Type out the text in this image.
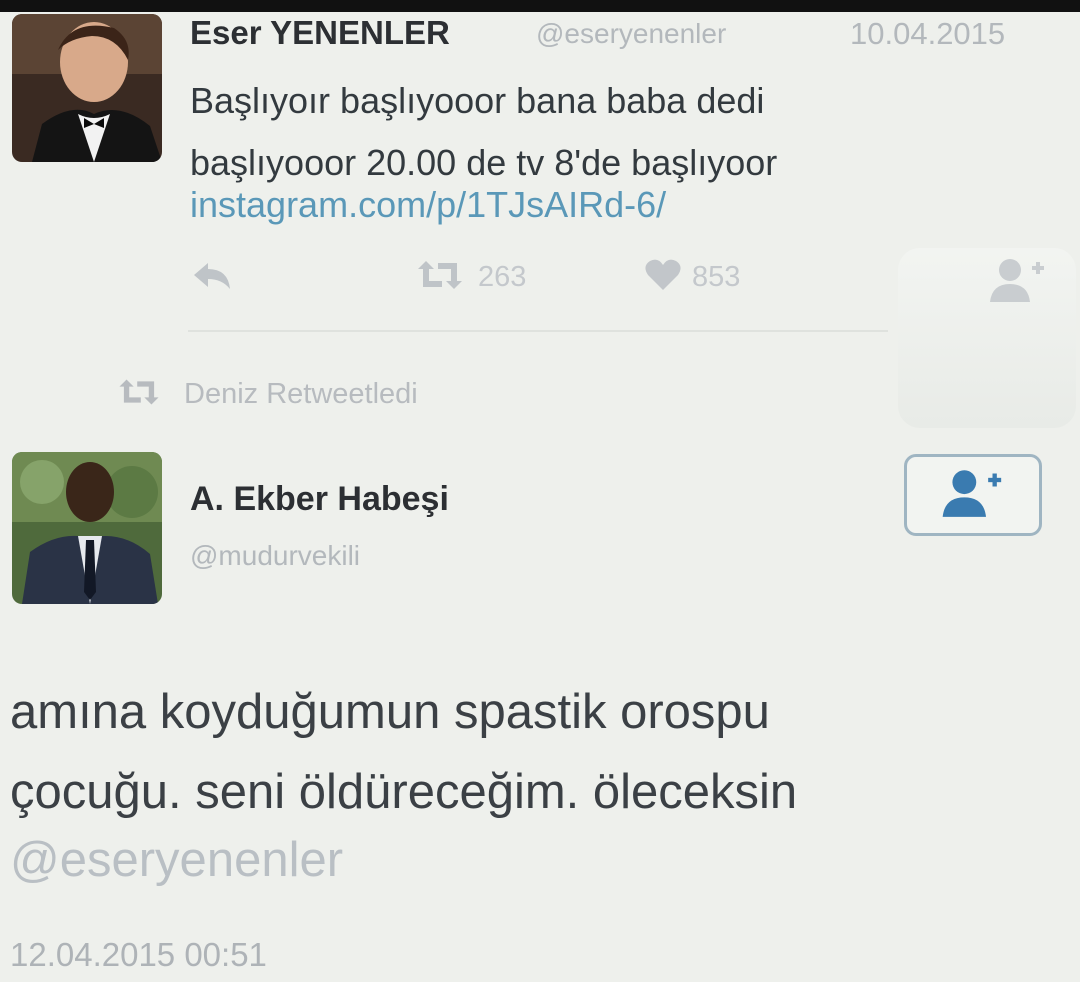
Eser YENENLER	@eseryenenler	10.04.2015
Başlıyoır başlıyooor bana baba dedi
başlıyooor 20.00 de tv 8'de başlıyoor
instagram.com/p/1TJsAIRd-6/
263	853
Deniz Retweetledi
A. Ekber Habeşi
@mudurvekili
amına koyduğumun spastik orospu
çocuğu. seni öldüreceğim. öleceksin
@eseryenenler
12.04.2015 00:51
